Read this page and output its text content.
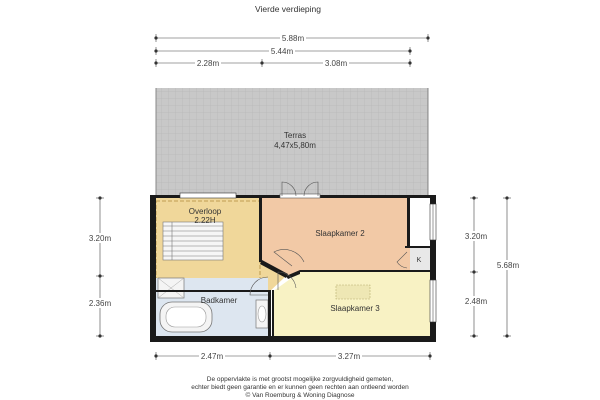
Vierde verdieping
Terras
4,47x5,80m
Overloop
2.22H
Slaapkamer 2
Badkamer
Slaapkamer 3
K
5.88m
5.44m
2.28m	3.08m
2.47m	3.27m
3.20m
2.36m
3.20m
2.48m
5.68m
De oppervlakte is met grootst mogelijke zorgvuldigheid gemeten,
echter biedt geen garantie en er kunnen geen rechten aan ontleend worden
© Van Roemburg & Woning Diagnose
